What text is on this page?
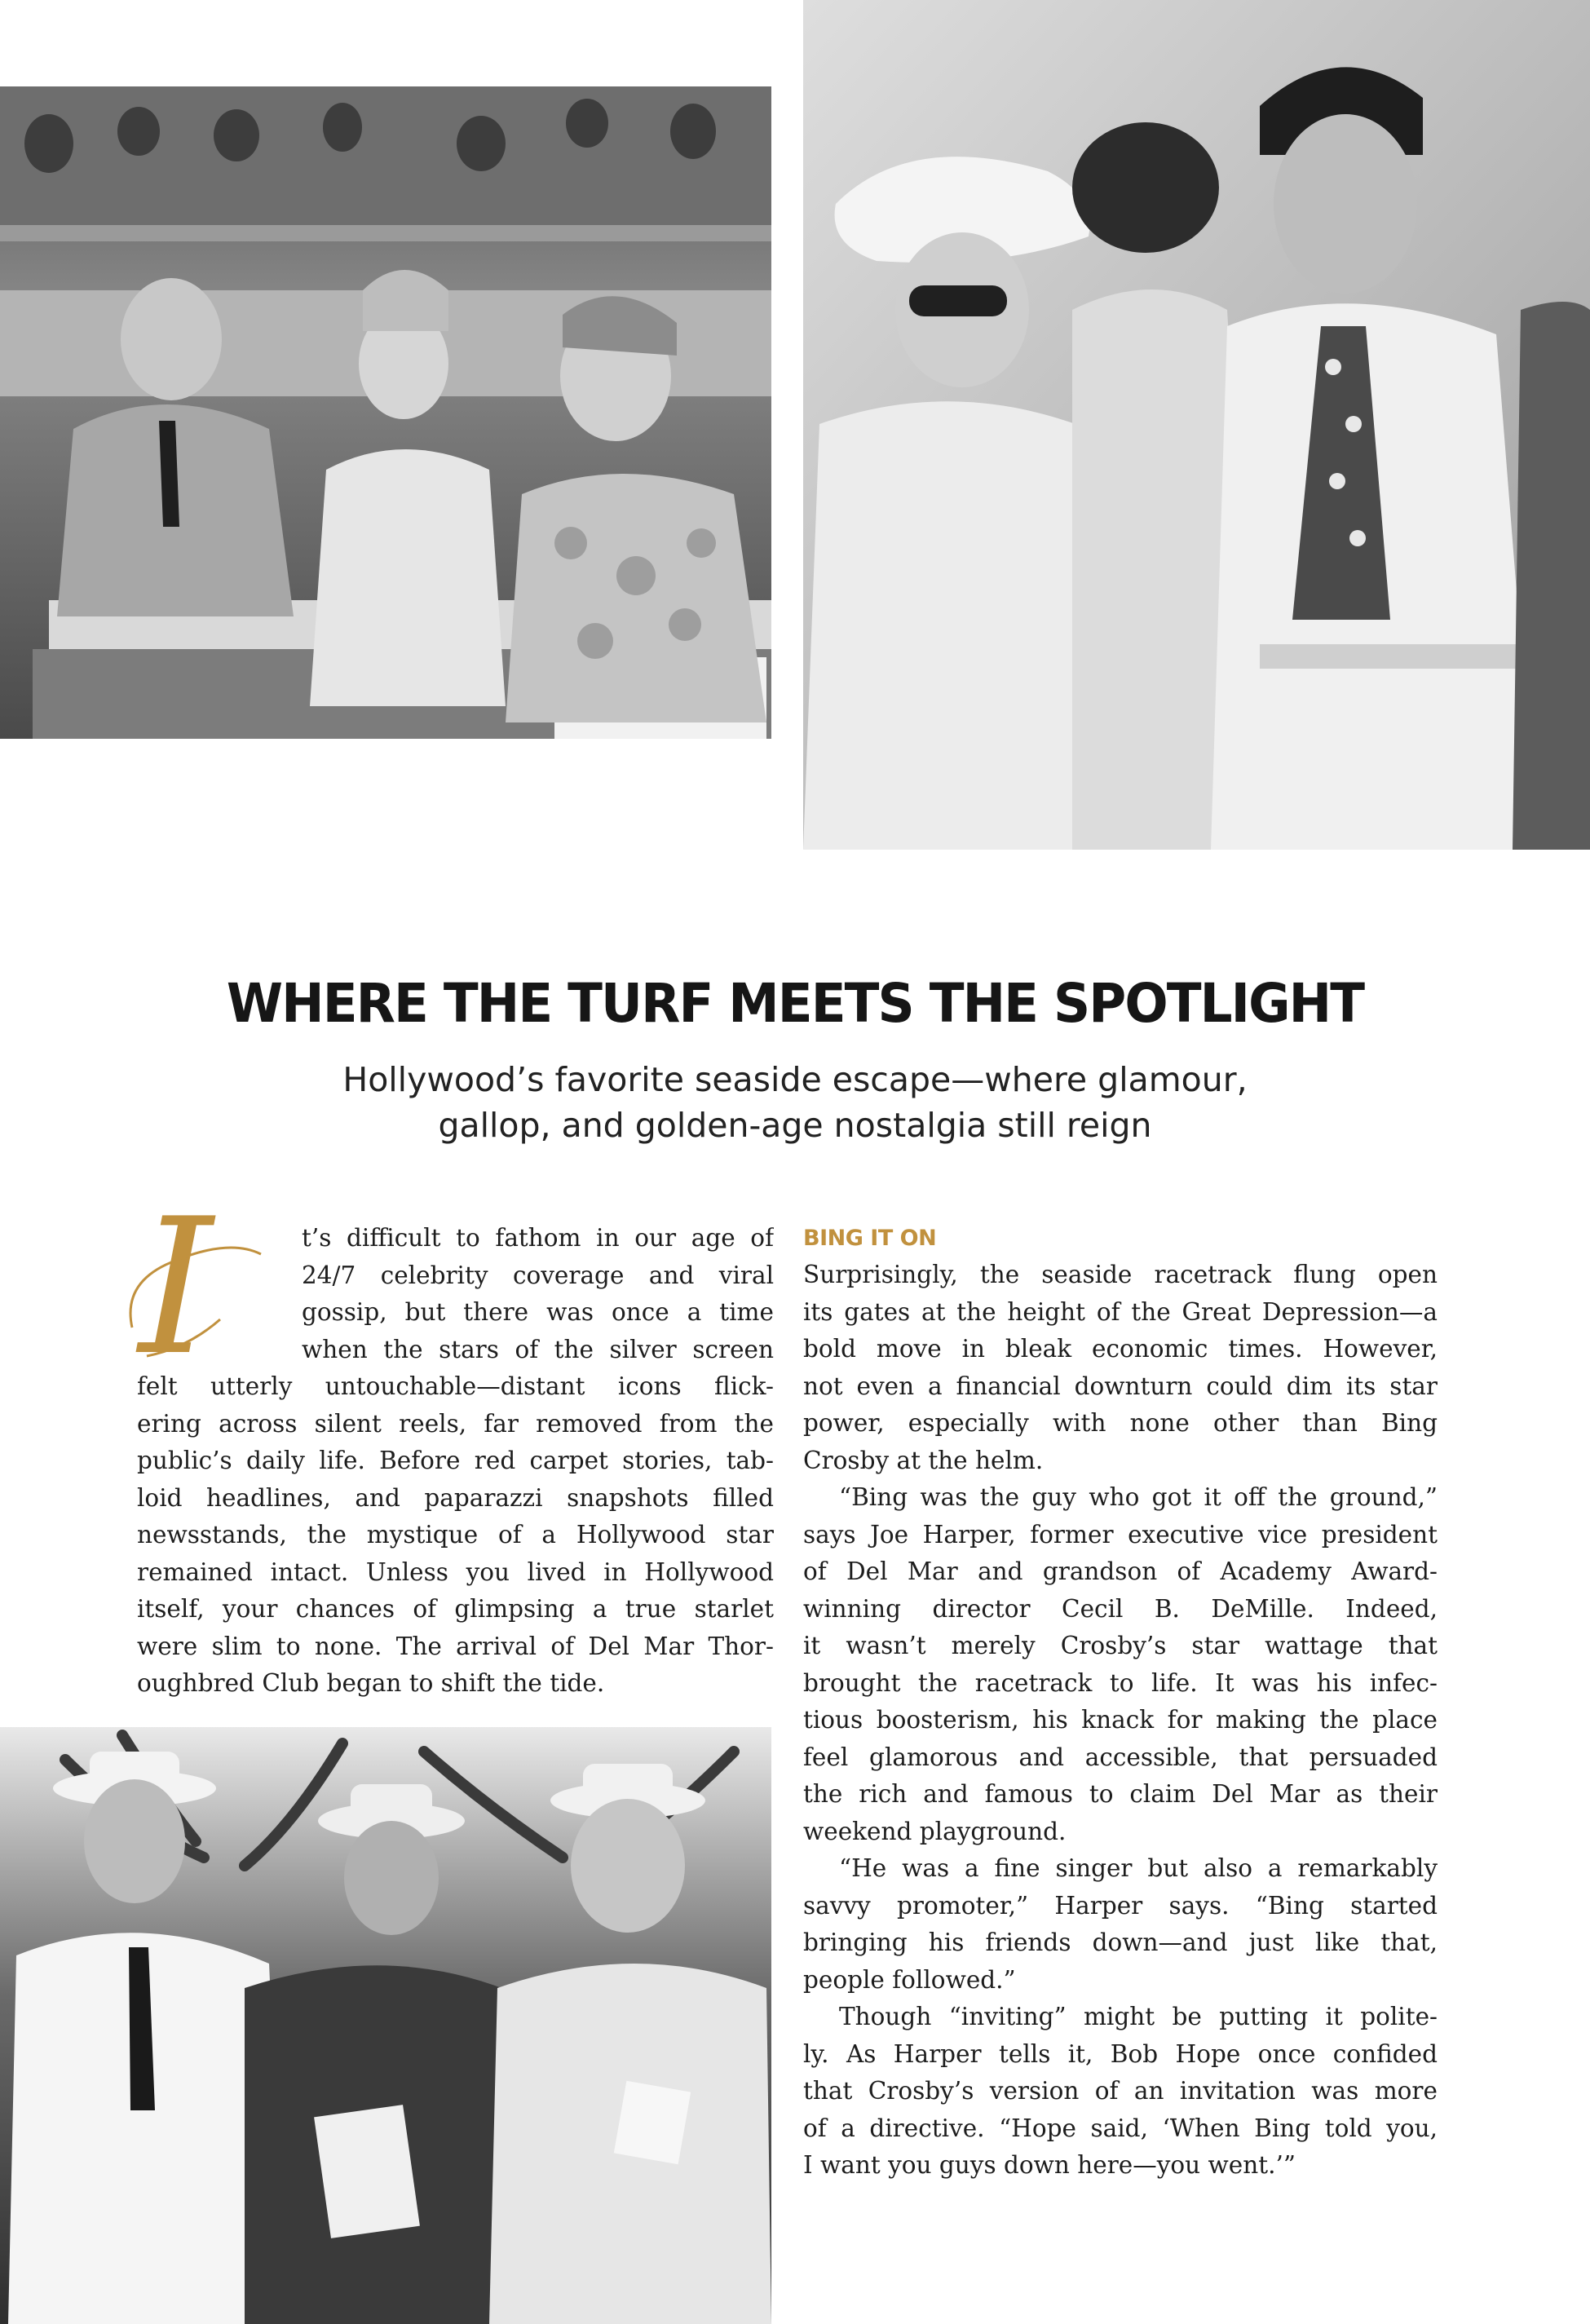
WHERE THE TURF MEETS THE SPOTLIGHT
Hollywood’s favorite seaside escape—where glamour,
gallop, and golden-age nostalgia still reign
I	t’s difficult to fathom in our age of
24/7 celebrity coverage and viral
gossip, but there was once a time
when the stars of the silver screen
felt utterly untouchable—distant icons flick-
ering across silent reels, far removed from the
public’s daily life. Before red carpet stories, tab-
loid headlines, and paparazzi snapshots filled
newsstands, the mystique of a Hollywood star
remained intact. Unless you lived in Hollywood
itself, your chances of glimpsing a true starlet
were slim to none. The arrival of Del Mar Thor-
oughbred Club began to shift the tide.
BING IT ON
Surprisingly, the seaside racetrack flung open
its gates at the height of the Great Depression—a
bold move in bleak economic times. However,
not even a financial downturn could dim its star
power, especially with none other than Bing
Crosby at the helm.
“Bing was the guy who got it off the ground,”
says Joe Harper, former executive vice president
of Del Mar and grandson of Academy Award-
winning director Cecil B. DeMille. Indeed,
it wasn’t merely Crosby’s star wattage that
brought the racetrack to life. It was his infec-
tious boosterism, his knack for making the place
feel glamorous and accessible, that persuaded
the rich and famous to claim Del Mar as their
weekend playground.
“He was a fine singer but also a remarkably
savvy promoter,” Harper says. “Bing started
bringing his friends down—and just like that,
people followed.”
Though “inviting” might be putting it polite-
ly. As Harper tells it, Bob Hope once confided
that Crosby’s version of an invitation was more
of a directive. “Hope said, ‘When Bing told you,
I want you guys down here—you went.’”
